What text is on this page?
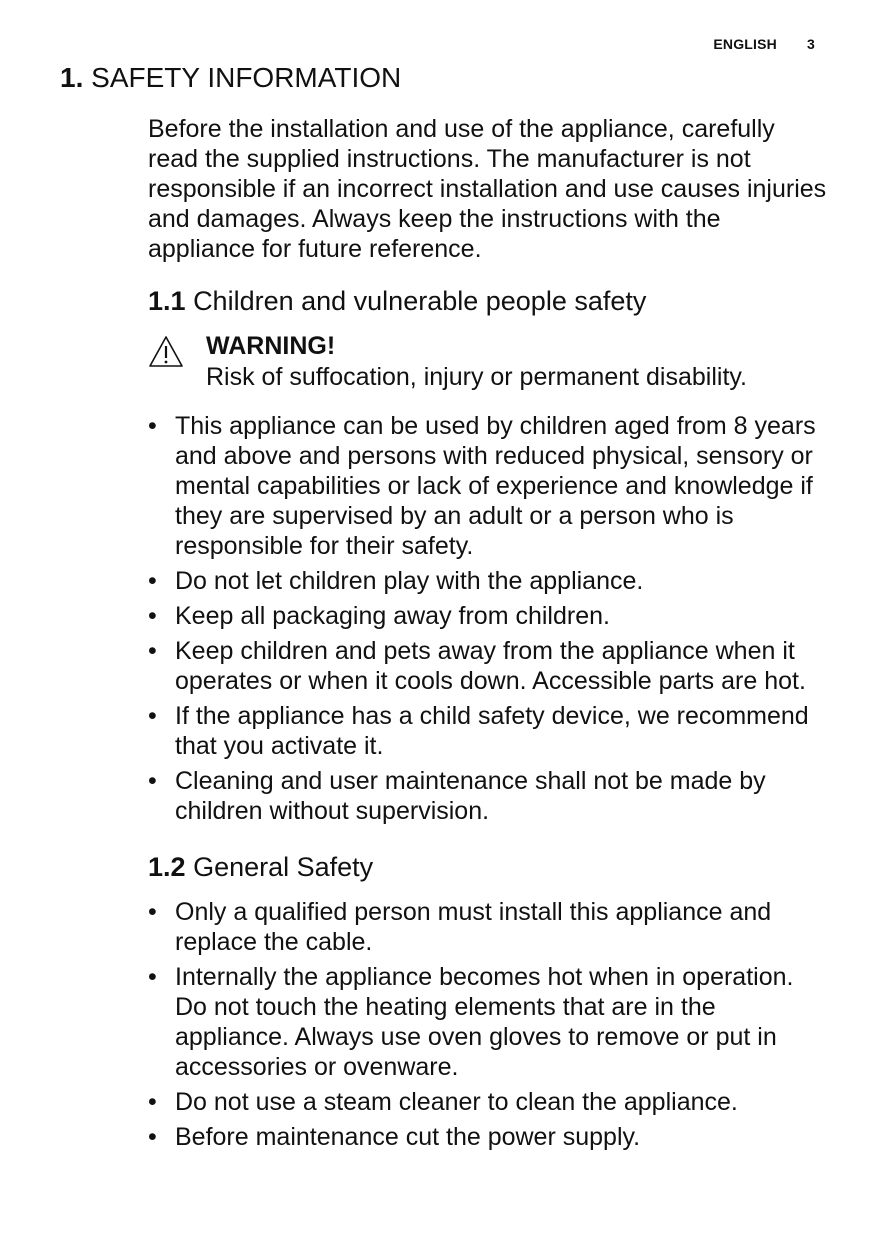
ENGLISH 3
1. SAFETY INFORMATION

Before the installation and use of the appliance, carefully read the supplied instructions. The manufacturer is not responsible if an incorrect installation and use causes injuries and damages. Always keep the instructions with the appliance for future reference.

1.1 Children and vulnerable people safety
WARNING!
Risk of suffocation, injury or permanent disability.
• This appliance can be used by children aged from 8 years and above and persons with reduced physical, sensory or mental capabilities or lack of experience and knowledge if they are supervised by an adult or a person who is responsible for their safety.
• Do not let children play with the appliance.
• Keep all packaging away from children.
• Keep children and pets away from the appliance when it operates or when it cools down. Accessible parts are hot.
• If the appliance has a child safety device, we recommend that you activate it.
• Cleaning and user maintenance shall not be made by children without supervision.
1.2 General Safety
• Only a qualified person must install this appliance and replace the cable.
• Internally the appliance becomes hot when in operation. Do not touch the heating elements that are in the appliance. Always use oven gloves to remove or put in accessories or ovenware.
• Do not use a steam cleaner to clean the appliance.
• Before maintenance cut the power supply.
